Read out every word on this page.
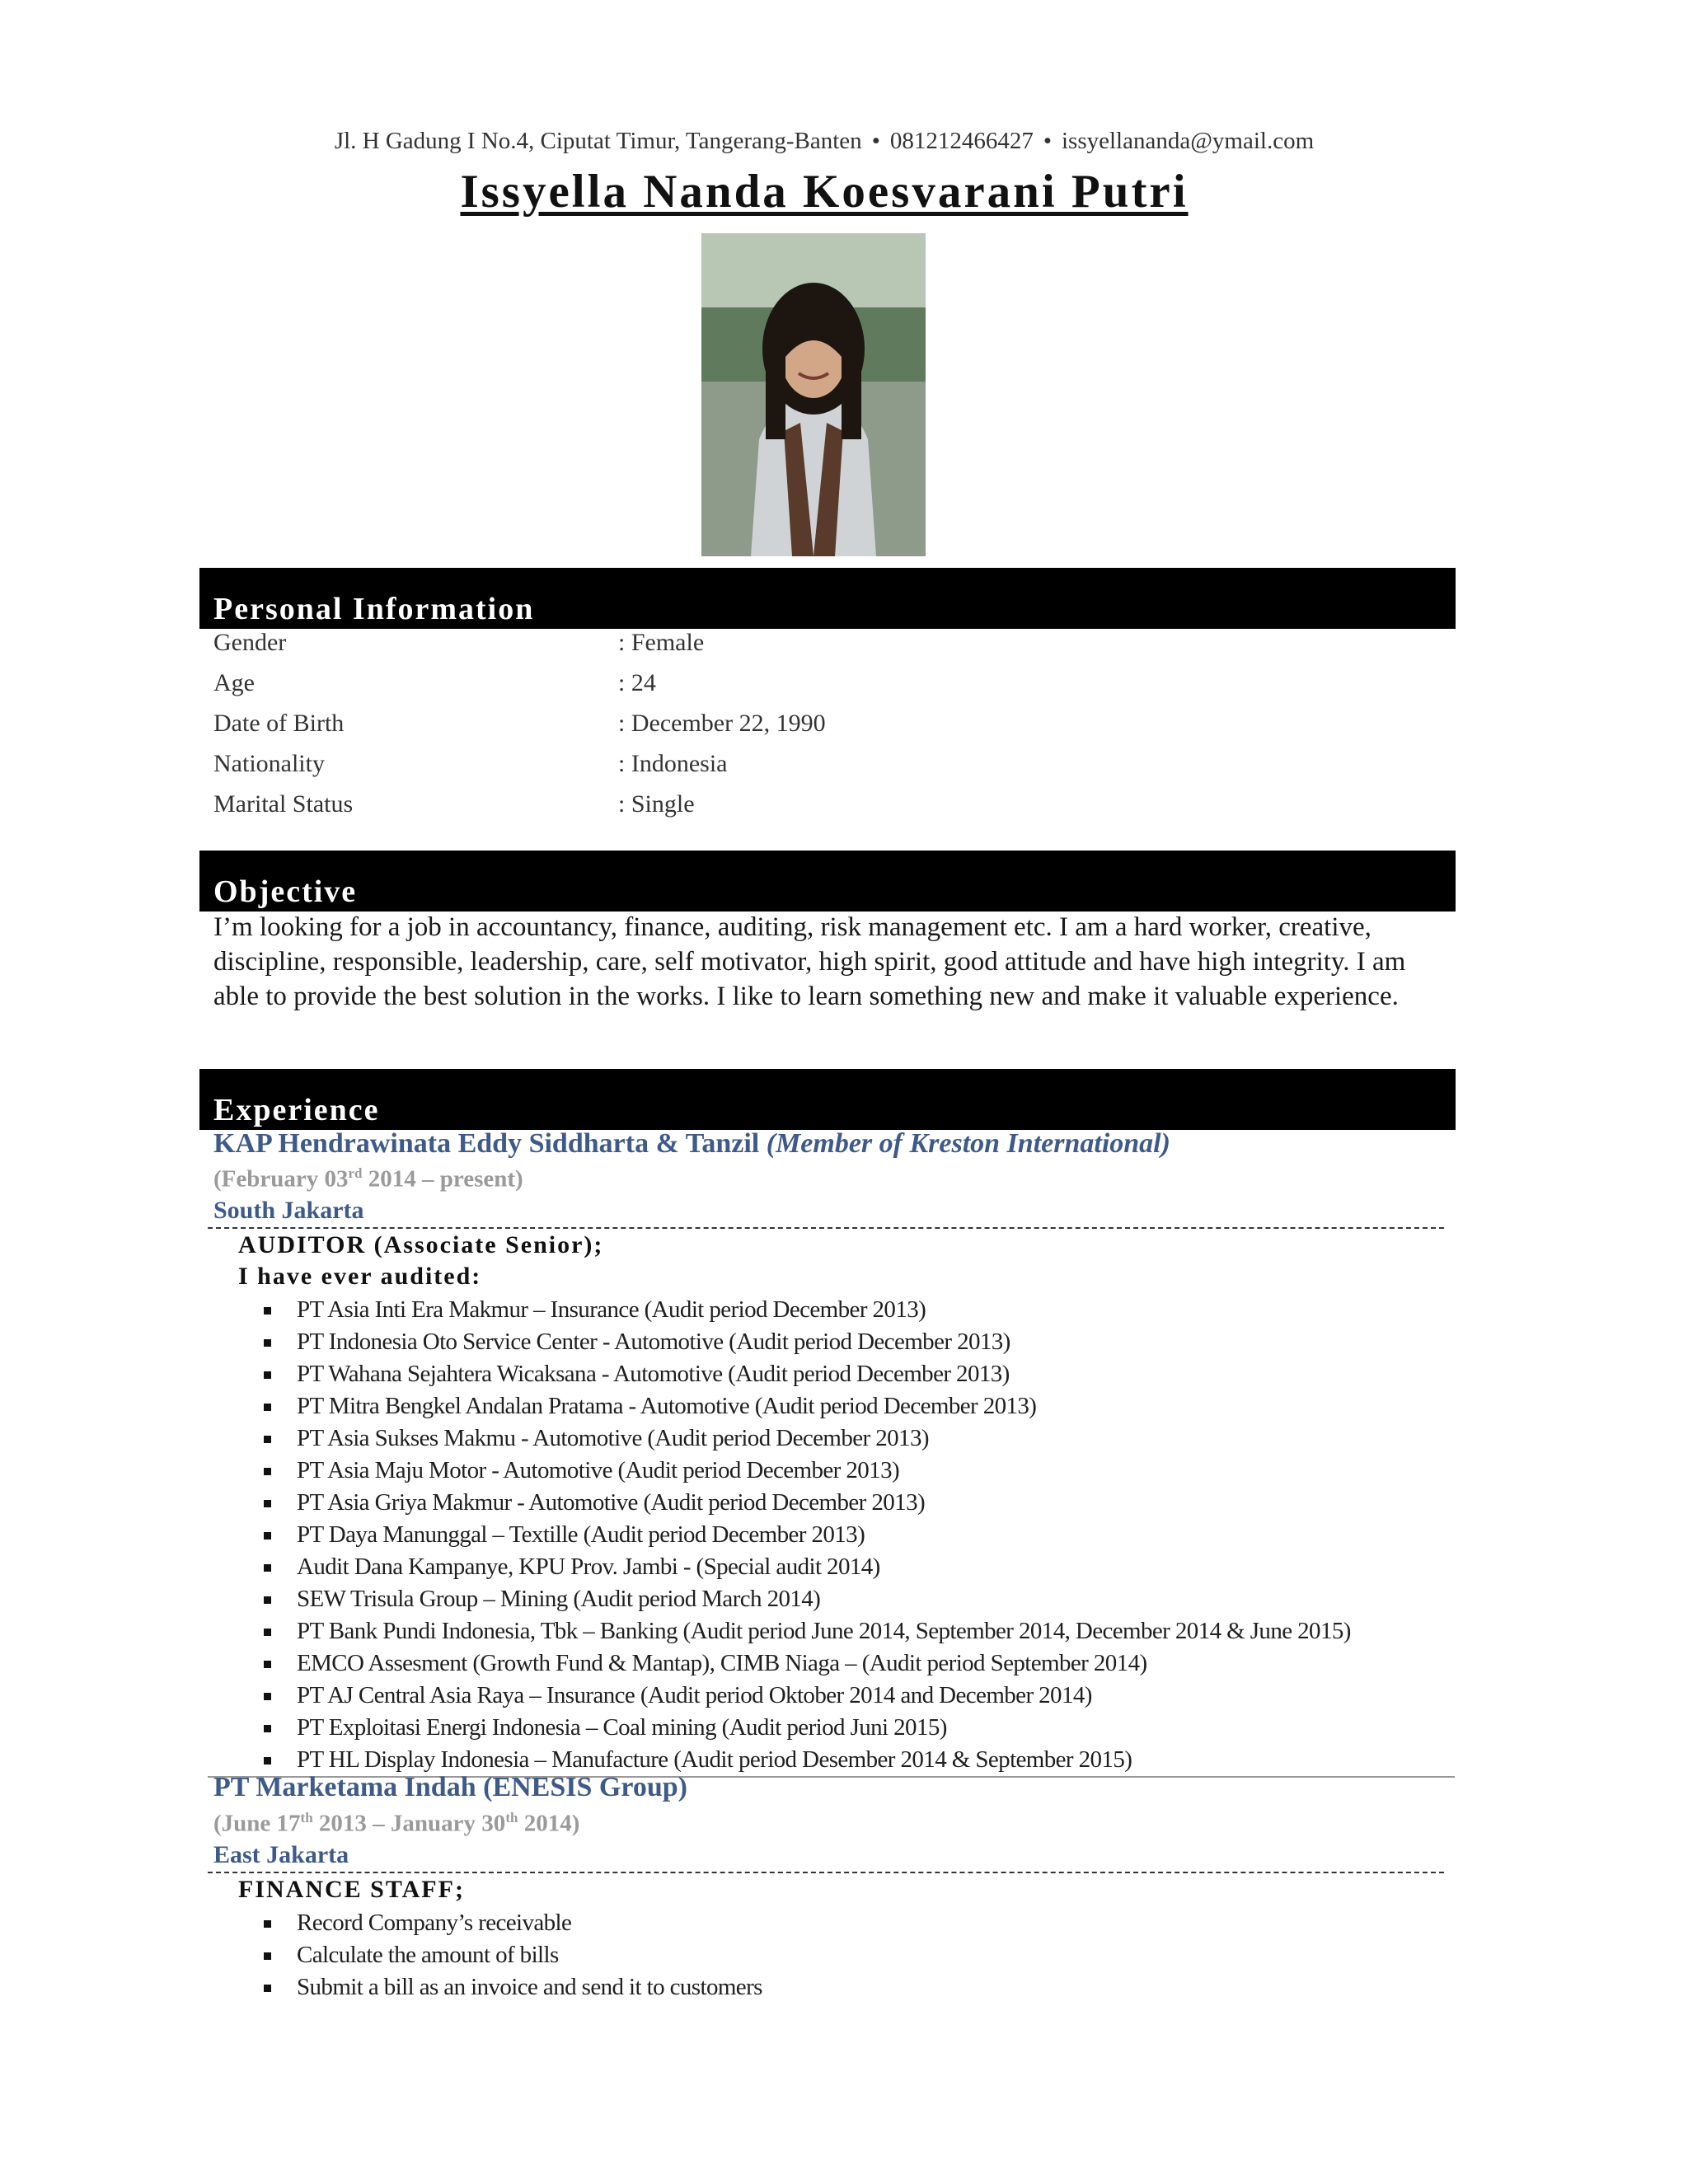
Jl. H Gadung I No.4, Ciputat Timur, Tangerang-Banten • 081212466427 • issyellananda@ymail.com
Issyella Nanda Koesvarani Putri
Personal Information
Gender	: Female
Age	: 24
Date of Birth	: December 22, 1990
Nationality	: Indonesia
Marital Status	: Single
Objective
I’m looking for a job in accountancy, finance, auditing, risk management etc. I am a hard worker, creative, discipline, responsible, leadership, care, self motivator, high spirit, good attitude and have high integrity. I am able to provide the best solution in the works. I like to learn something new and make it valuable experience.
Experience
KAP Hendrawinata Eddy Siddharta & Tanzil (Member of Kreston International)
(February 03rd 2014 – present)
South Jakarta
AUDITOR (Associate Senior);
I have ever audited:
PT Asia Inti Era Makmur – Insurance (Audit period December 2013)
PT Indonesia Oto Service Center - Automotive (Audit period December 2013)
PT Wahana Sejahtera Wicaksana - Automotive (Audit period December 2013)
PT Mitra Bengkel Andalan Pratama - Automotive (Audit period December 2013)
PT Asia Sukses Makmu - Automotive (Audit period December 2013)
PT Asia Maju Motor - Automotive (Audit period December 2013)
PT Asia Griya Makmur - Automotive (Audit period December 2013)
PT Daya Manunggal – Textille (Audit period December 2013)
Audit Dana Kampanye, KPU Prov. Jambi - (Special audit 2014)
SEW Trisula Group – Mining (Audit period March 2014)
PT Bank Pundi Indonesia, Tbk – Banking (Audit period June 2014, September 2014, December 2014 & June 2015)
EMCO Assesment (Growth Fund & Mantap), CIMB Niaga – (Audit period September 2014)
PT AJ Central Asia Raya – Insurance (Audit period Oktober 2014 and December 2014)
PT Exploitasi Energi Indonesia – Coal mining (Audit period Juni 2015)
PT HL Display Indonesia – Manufacture (Audit period Desember 2014 & September 2015)
PT Marketama Indah (ENESIS Group)
(June 17th 2013 – January 30th 2014)
East Jakarta
FINANCE STAFF;
Record Company’s receivable
Calculate the amount of bills
Submit a bill as an invoice and send it to customers
